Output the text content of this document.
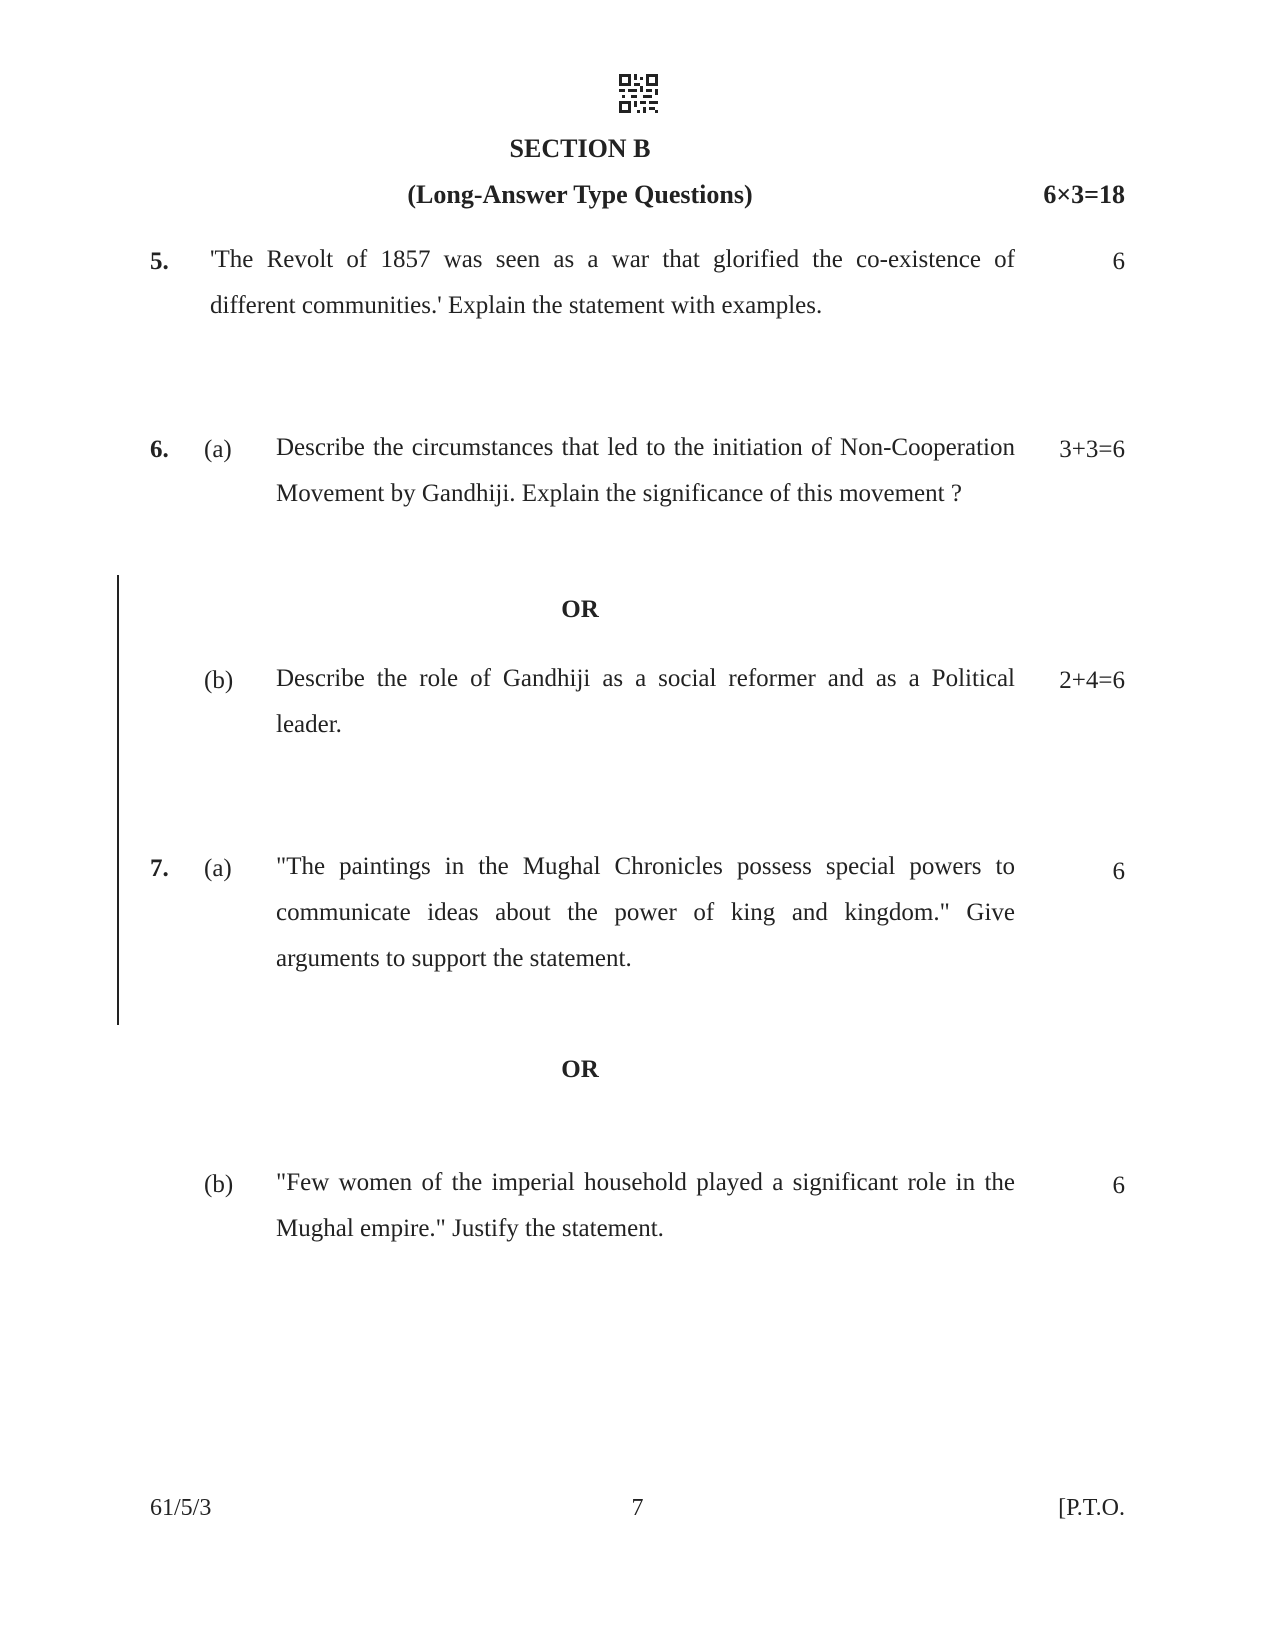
SECTION B
(Long-Answer Type Questions)	6×3=18
5. 'The Revolt of 1857 was seen as a war that glorified the co-existence of different communities.' Explain the statement with examples.
6
6. (a) Describe the circumstances that led to the initiation of Non-Cooperation Movement by Gandhiji. Explain the significance of this movement ?
3+3=6
OR
(b) Describe the role of Gandhiji as a social reformer and as a Political leader.
2+4=6
7. (a) "The paintings in the Mughal Chronicles possess special powers to communicate ideas about the power of king and kingdom." Give arguments to support the statement.
6
OR
(b) "Few women of the imperial household played a significant role in the Mughal empire." Justify the statement.
6
61/5/3	7	[P.T.O.
